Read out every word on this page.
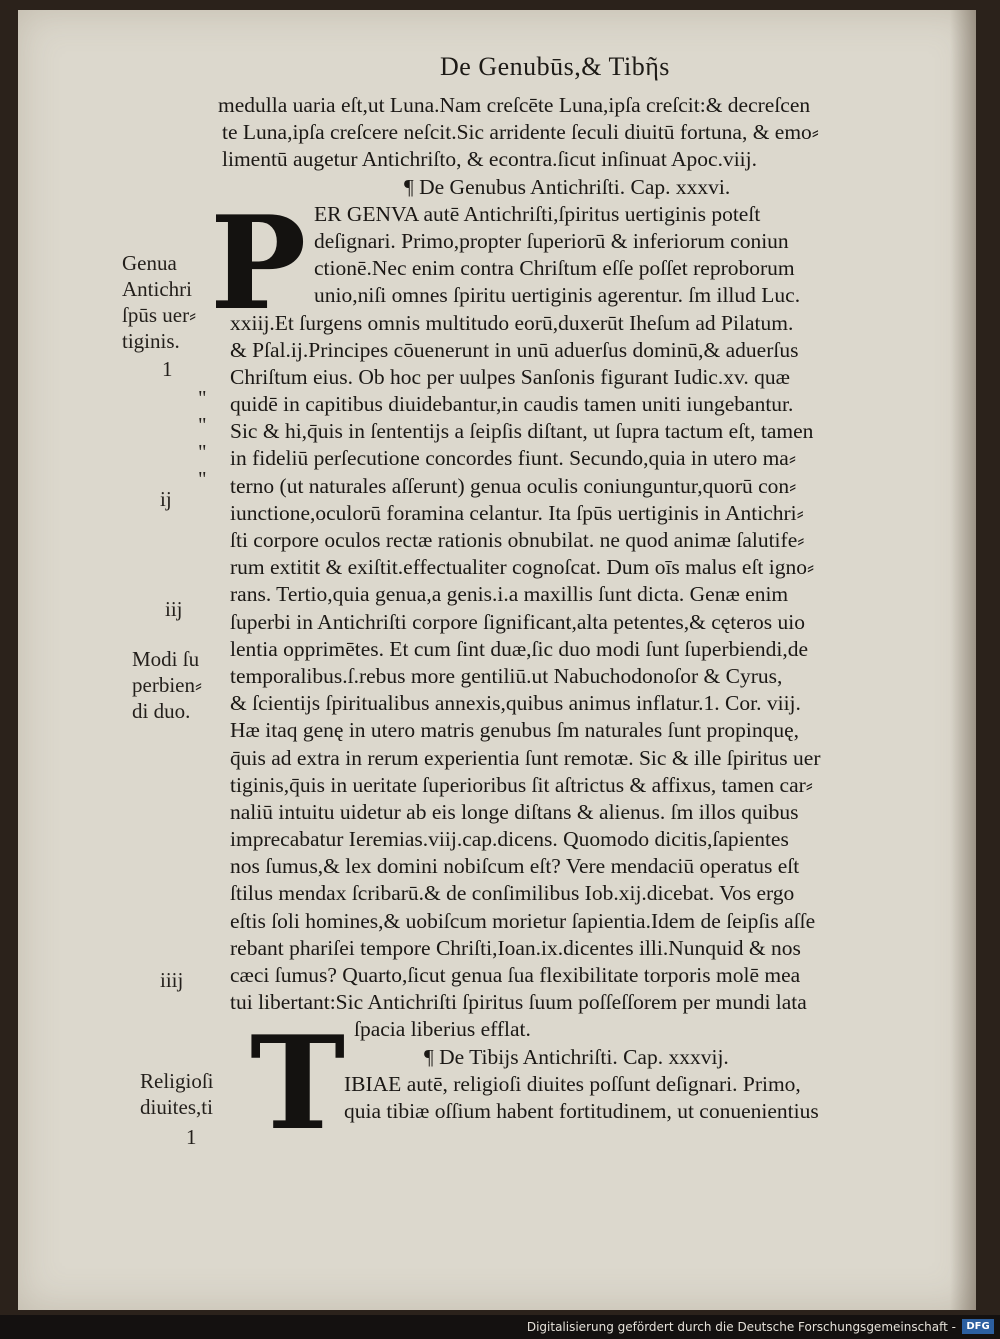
De Genubūs,& Tibῆs
medulla uaria eſt,ut Luna.Nam creſcēte Luna,ipſa creſcit:& decreſcen
te Luna,ipſa creſcere neſcit.Sic arridente ſeculi diuitū fortuna, & emo⸗
limentū augetur Antichriſto, & econtra.ſicut inſinuat Apoc.viij.
¶ De Genubus Antichriſti. Cap. xxxvi.
ER GENVA autē Antichriſti,ſpiritus uertiginis poteſt
deſignari. Primo,propter ſuperiorū & inferiorum coniun
ctionē.Nec enim contra Chriſtum eſſe poſſet reproborum
unio,niſi omnes ſpiritu uertiginis agerentur. ſm illud Luc.
xxiij.Et ſurgens omnis multitudo eorū,duxerūt Iheſum ad Pilatum.
& Pſal.ij.Principes cōuenerunt in unū aduerſus dominū,& aduerſus
Chriſtum eius. Ob hoc per uulpes Sanſonis figurant Iudic.xv. quæ
quidē in capitibus diuidebantur,in caudis tamen uniti iungebantur.
Sic & hi,q̄uis in ſententijs a ſeipſis diſtant, ut ſupra tactum eſt, tamen
in fideliū perſecutione concordes fiunt. Secundo,quia in utero ma⸗
terno (ut naturales aſſerunt) genua oculis coniunguntur,quorū con⸗
iunctione,oculorū foramina celantur. Ita ſpūs uertiginis in Antichri⸗
ſti corpore oculos rectæ rationis obnubilat. ne quod animæ ſalutife⸗
rum extitit & exiſtit.effectualiter cognoſcat. Dum oīs malus eſt igno⸗
rans. Tertio,quia genua,a genis.i.a maxillis ſunt dicta. Genæ enim
ſuperbi in Antichriſti corpore ſignificant,alta petentes,& cęteros uio
lentia opprimētes. Et cum ſint duæ,ſic duo modi ſunt ſuperbiendi,de
temporalibus.ſ.rebus more gentiliū.ut Nabuchodonoſor & Cyrus,
& ſcientijs ſpiritualibus annexis,quibus animus inflatur.1. Cor. viij.
Hæ itaq genę in utero matris genubus ſm naturales ſunt propinquę,
q̄uis ad extra in rerum experientia ſunt remotæ. Sic & ille ſpiritus uer
tiginis,q̄uis in ueritate ſuperioribus ſit aſtrictus & affixus, tamen car⸗
naliū intuitu uidetur ab eis longe diſtans & alienus. ſm illos quibus
imprecabatur Ieremias.viij.cap.dicens. Quomodo dicitis,ſapientes
nos ſumus,& lex domini nobiſcum eſt? Vere mendaciū operatus eſt
ſtilus mendax ſcribarū.& de conſimilibus Iob.xij.dicebat. Vos ergo
eſtis ſoli homines,& uobiſcum morietur ſapientia.Idem de ſeipſis aſſe
rebant phariſei tempore Chriſti,Ioan.ix.dicentes illi.Nunquid & nos
cæci ſumus? Quarto,ſicut genua ſua flexibilitate torporis molē mea
tui libertant:Sic Antichriſti ſpiritus ſuum poſſeſſorem per mundi lata
ſpacia liberius efflat.
¶ De Tibijs Antichriſti. Cap. xxxvij.
IBIAE autē, religioſi diuites poſſunt deſignari. Primo,
quia tibiæ oſſium habent fortitudinem, ut conuenientius
P
T
Genua
Antichri
ſpūs uer⸗
tiginis.
1
"
"
"
"
ij
iij
Modi ſu
perbien⸗
di duo.
iiij
Religioſi
diuites,ti
1
Digitalisierung gefördert durch die Deutsche Forschungsgemeinschaft -	DFG
